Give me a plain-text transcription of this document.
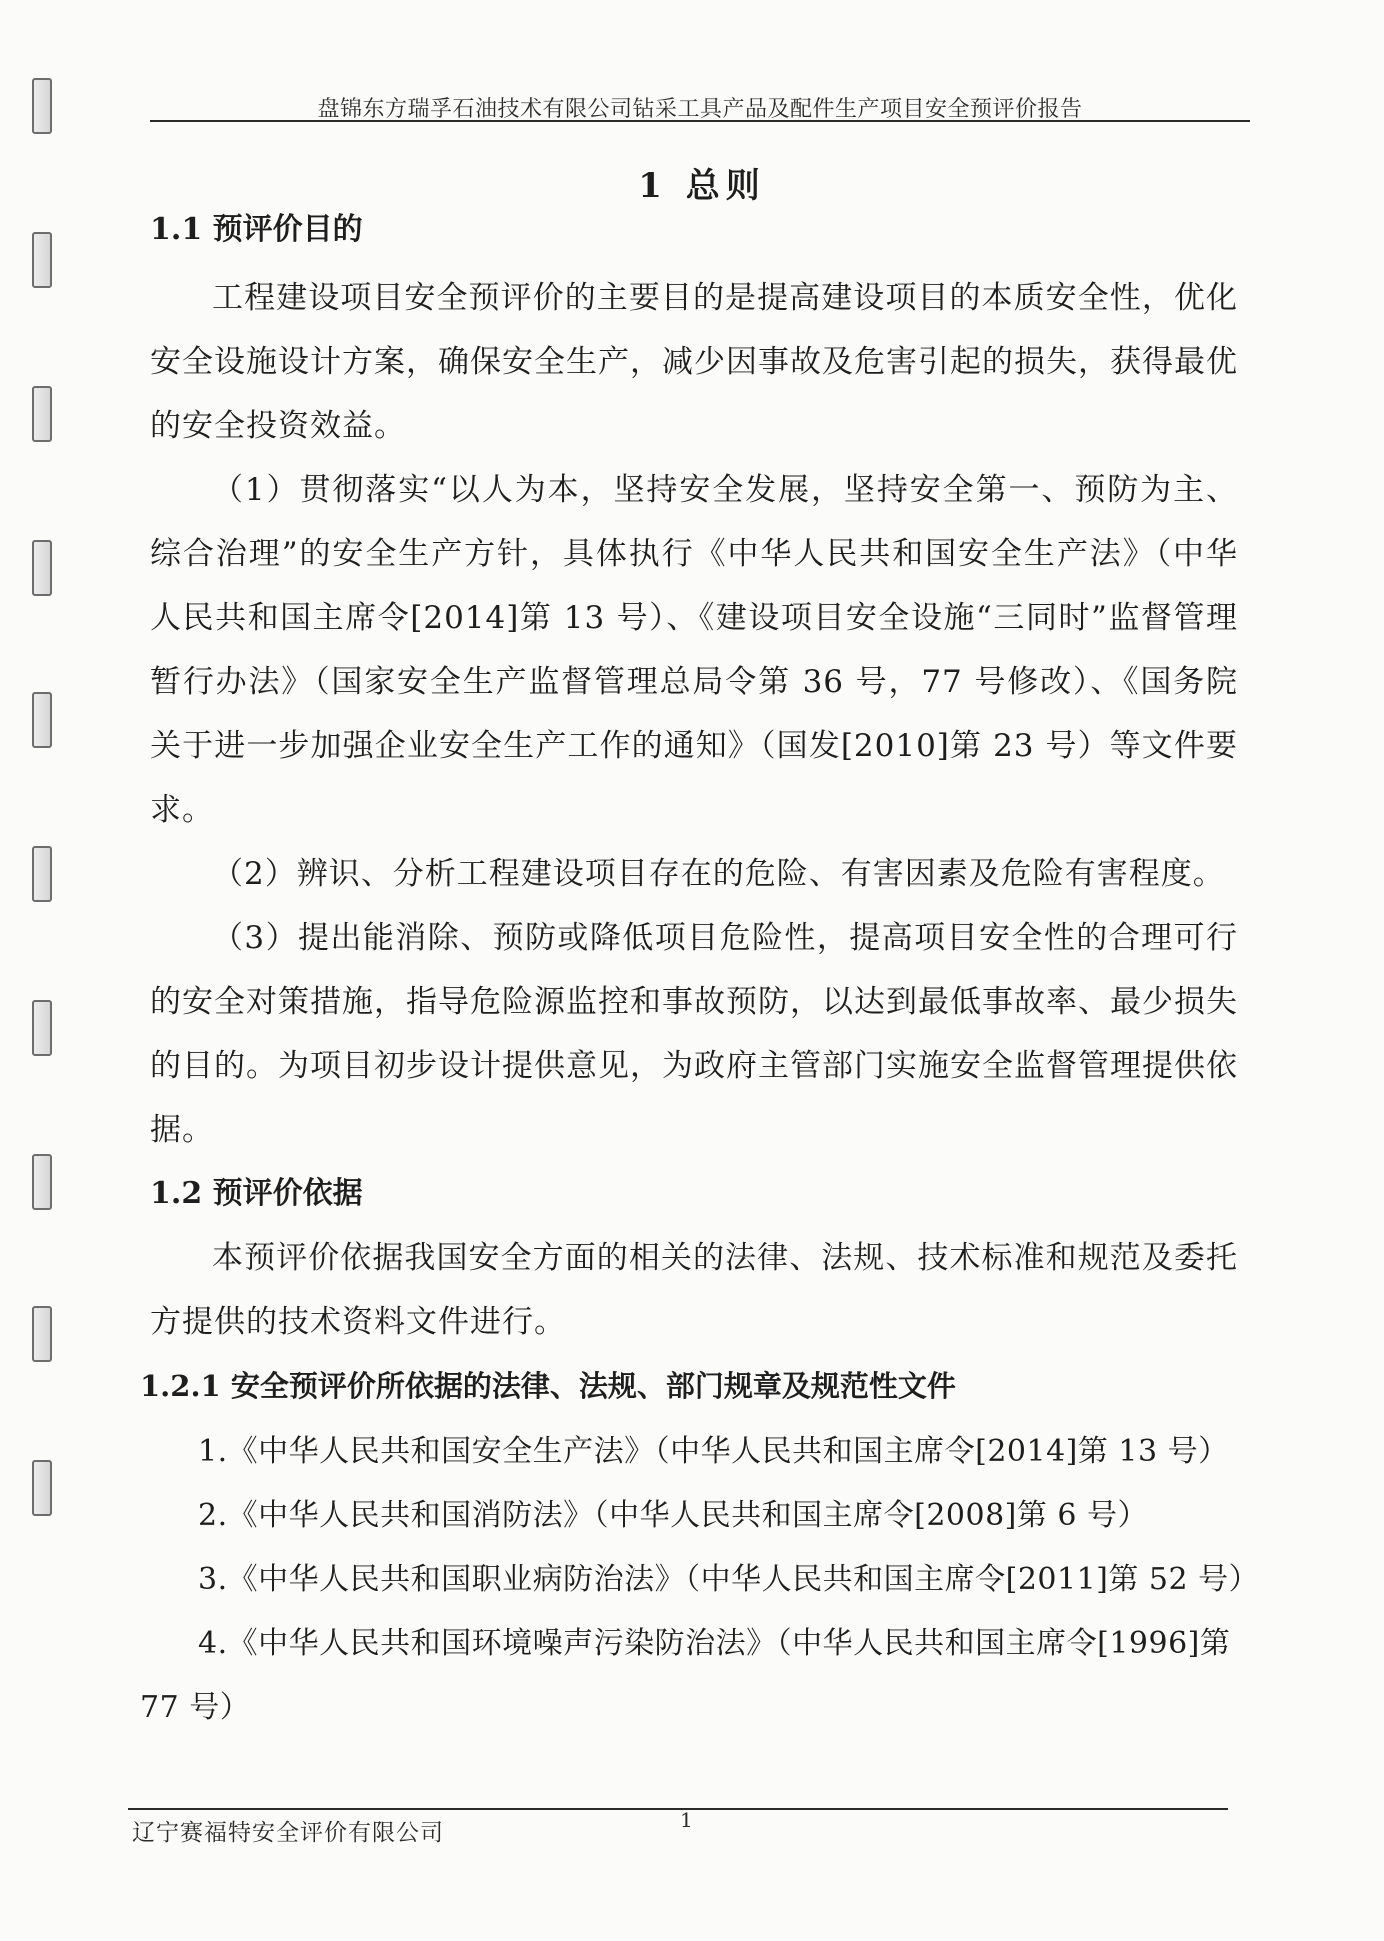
盘锦东方瑞孚石油技术有限公司钻采工具产品及配件生产项目安全预评价报告
1 总则
1.1 预评价目的

工程建设项目安全预评价的主要目的是提高建设项目的本质安全性，优化安全设施设计方案，确保安全生产，减少因事故及危害引起的损失，获得最优的安全投资效益。

（1）贯彻落实“以人为本，坚持安全发展，坚持安全第一、预防为主、综合治理”的安全生产方针，具体执行《中华人民共和国安全生产法》（中华人民共和国主席令[2014]第 13 号）、《建设项目安全设施“三同时”监督管理暂行办法》（国家安全生产监督管理总局令第 36 号，77 号修改）、《国务院关于进一步加强企业安全生产工作的通知》（国发[2010]第 23 号）等文件要求。

（2）辨识、分析工程建设项目存在的危险、有害因素及危险有害程度。

（3）提出能消除、预防或降低项目危险性，提高项目安全性的合理可行的安全对策措施，指导危险源监控和事故预防，以达到最低事故率、最少损失的目的。为项目初步设计提供意见，为政府主管部门实施安全监督管理提供依据。

1.2 预评价依据

本预评价依据我国安全方面的相关的法律、法规、技术标准和规范及委托方提供的技术资料文件进行。

1.2.1 安全预评价所依据的法律、法规、部门规章及规范性文件
1.《中华人民共和国安全生产法》（中华人民共和国主席令[2014]第 13 号）
2.《中华人民共和国消防法》（中华人民共和国主席令[2008]第 6 号）
3.《中华人民共和国职业病防治法》（中华人民共和国主席令[2011]第 52 号）
4.《中华人民共和国环境噪声污染防治法》（中华人民共和国主席令[1996]第
77 号）
辽宁赛福特安全评价有限公司	1
